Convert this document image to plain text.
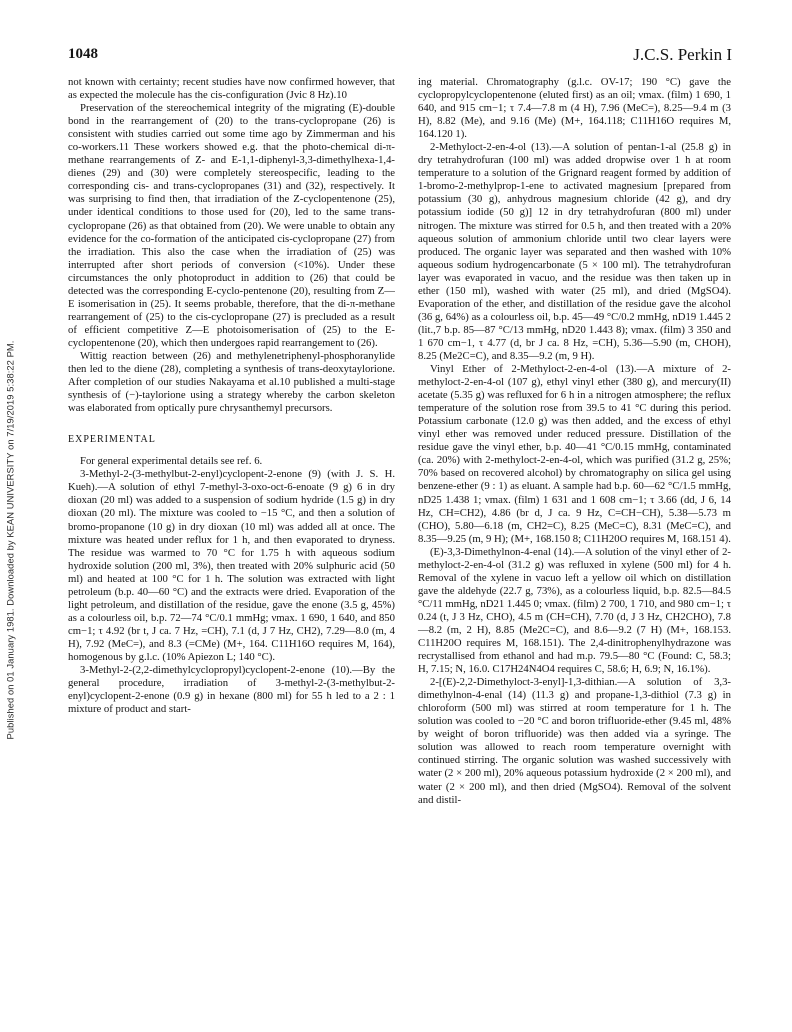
Published on 01 January 1981. Downloaded by KEAN UNIVERSITY on 7/19/2019 5:38:22 PM.
1048	J.C.S. Perkin I

not known with certainty; recent studies have now confirmed however, that as expected the molecule has the cis-configuration (Jvic 8 Hz).10

Preservation of the stereochemical integrity of the migrating (E)-double bond in the rearrangement of (20) to the trans-cyclopropane (26) is consistent with studies carried out some time ago by Zimmerman and his co-workers.11 These workers showed e.g. that the photo-chemical di-π-methane rearrangements of Z- and E-1,1-diphenyl-3,3-dimethylhexa-1,4-dienes (29) and (30) were completely stereospecific, leading to the corresponding cis- and trans-cyclopropanes (31) and (32), respectively. It was surprising to find then, that irradiation of the Z-cyclopentenone (25), under identical conditions to those used for (20), led to the same trans-cyclopropane (26) as that obtained from (20). We were unable to obtain any evidence for the co-formation of the anticipated cis-cyclopropane (27) from the irradiation. This also the case when the irradiation of (25) was interrupted after short periods of conversion (<10%). Under these circumstances the only photoproduct in addition to (26) that could be detected was the corresponding E-cyclo-pentenone (20), resulting from Z—E isomerisation in (25). It seems probable, therefore, that the di-π-methane rearrangement of (25) to the cis-cyclopropane (27) is precluded as a result of efficient competitive Z—E photoisomerisation of (25) to the E-cyclopentenone (20), which then undergoes rapid rearrangement to (26).

Wittig reaction between (26) and methylenetriphenyl-phosphoranylide then led to the diene (28), completing a synthesis of trans-deoxytaylorione. After completion of our studies Nakayama et al.10 published a multi-stage synthesis of (−)-taylorione using a strategy whereby the carbon skeleton was elaborated from optically pure chrysanthemyl precursors.

EXPERIMENTAL

For general experimental details see ref. 6.

3-Methyl-2-(3-methylbut-2-enyl)cyclopent-2-enone (9) (with J. S. H. Kueh).—A solution of ethyl 7-methyl-3-oxo-oct-6-enoate (9 g) 6 in dry dioxan (20 ml) was added to a suspension of sodium hydride (1.5 g) in dry dioxan (20 ml). The mixture was cooled to −15 °C, and then a solution of bromo-propanone (10 g) in dry dioxan (10 ml) was added all at once. The mixture was heated under reflux for 1 h, and then evaporated to dryness. The residue was warmed to 70 °C for 1.75 h with aqueous sodium hydroxide solution (200 ml, 3%), then treated with 20% sulphuric acid (50 ml) and heated at 100 °C for 1 h. The solution was extracted with light petroleum (b.p. 40—60 °C) and the extracts were dried. Evaporation of the light petroleum, and distillation of the residue, gave the enone (3.5 g, 45%) as a colourless oil, b.p. 72—74 °C/0.1 mmHg; νmax. 1 690, 1 640, and 850 cm−1; τ 4.92 (br t, J ca. 7 Hz, =CH), 7.1 (d, J 7 Hz, CH2), 7.29—8.0 (m, 4 H), 7.92 (MeC=), and 8.3 (=CMe) (M+, 164. C11H16O requires M, 164), homogenous by g.l.c. (10% Apiezon L; 140 °C).

3-Methyl-2-(2,2-dimethylcyclopropyl)cyclopent-2-enone (10).—By the general procedure, irradiation of 3-methyl-2-(3-methylbut-2-enyl)cyclopent-2-enone (0.9 g) in hexane (800 ml) for 55 h led to a 2 : 1 mixture of product and start-

ing material. Chromatography (g.l.c. OV-17; 190 °C) gave the cyclopropylcyclopentenone (eluted first) as an oil; νmax. (film) 1 690, 1 640, and 915 cm−1; τ 7.4—7.8 m (4 H), 7.96 (MeC=), 8.25—9.4 m (3 H), 8.82 (Me), and 9.16 (Me) (M+, 164.118; C11H16O requires M, 164.120 1).

2-Methyloct-2-en-4-ol (13).—A solution of pentan-1-al (25.8 g) in dry tetrahydrofuran (100 ml) was added dropwise over 1 h at room temperature to a solution of the Grignard reagent formed by addition of 1-bromo-2-methylprop-1-ene to activated magnesium [prepared from potassium (30 g), anhydrous magnesium chloride (42 g), and dry potassium iodide (50 g)] 12 in dry tetrahydrofuran (800 ml) under nitrogen. The mixture was stirred for 0.5 h, and then treated with a 20% aqueous solution of ammonium chloride until two clear layers were produced. The organic layer was separated and then washed with 10% aqueous sodium hydrogencarbonate (5 × 100 ml). The tetrahydrofuran layer was evaporated in vacuo, and the residue was then taken up in ether (150 ml), washed with water (25 ml), and dried (MgSO4). Evaporation of the ether, and distillation of the residue gave the alcohol (36 g, 64%) as a colourless oil, b.p. 45—49 °C/0.2 mmHg, nD19 1.445 2 (lit.,7 b.p. 85—87 °C/13 mmHg, nD20 1.443 8); νmax. (film) 3 350 and 1 670 cm−1, τ 4.77 (d, br J ca. 8 Hz, =CH), 5.36—5.90 (m, CHOH), 8.25 (Me2C=C), and 8.35—9.2 (m, 9 H).

Vinyl Ether of 2-Methyloct-2-en-4-ol (13).—A mixture of 2-methyloct-2-en-4-ol (107 g), ethyl vinyl ether (380 g), and mercury(II) acetate (5.35 g) was refluxed for 6 h in a nitrogen atmosphere; the reflux temperature of the solution rose from 39.5 to 41 °C during this period. Potassium carbonate (12.0 g) was then added, and the excess of ethyl vinyl ether was removed under reduced pressure. Distillation of the residue gave the vinyl ether, b.p. 40—41 °C/0.15 mmHg, contaminated (ca. 20%) with 2-methyloct-2-en-4-ol, which was purified (31.2 g, 25%; 70% based on recovered alcohol) by chromatography on silica gel using benzene-ether (9 : 1) as eluant. A sample had b.p. 60—62 °C/1.5 mmHg, nD25 1.438 1; νmax. (film) 1 631 and 1 608 cm−1; τ 3.66 (dd, J 6, 14 Hz, CH=CH2), 4.86 (br d, J ca. 9 Hz, C=CH−CH), 5.38—5.73 m (CHO), 5.80—6.18 (m, CH2=C), 8.25 (MeC=C), 8.31 (MeC=C), and 8.35—9.25 (m, 9 H); (M+, 168.150 8; C11H20O requires M, 168.151 4).

(E)-3,3-Dimethylnon-4-enal (14).—A solution of the vinyl ether of 2-methyloct-2-en-4-ol (31.2 g) was refluxed in xylene (500 ml) for 4 h. Removal of the xylene in vacuo left a yellow oil which on distillation gave the aldehyde (22.7 g, 73%), as a colourless liquid, b.p. 82.5—84.5 °C/11 mmHg, nD21 1.445 0; νmax. (film) 2 700, 1 710, and 980 cm−1; τ 0.24 (t, J 3 Hz, CHO), 4.5 m (CH=CH), 7.70 (d, J 3 Hz, CH2CHO), 7.8—8.2 (m, 2 H), 8.85 (Me2C=C), and 8.6—9.2 (7 H) (M+, 168.153. C11H20O requires M, 168.151). The 2,4-dinitrophenylhydrazone was recrystallised from ethanol and had m.p. 79.5—80 °C (Found: C, 58.3; H, 7.15; N, 16.0. C17H24N4O4 requires C, 58.6; H, 6.9; N, 16.1%).

2-[(E)-2,2-Dimethyloct-3-enyl]-1,3-dithian.—A solution of 3,3-dimethylnon-4-enal (14) (11.3 g) and propane-1,3-dithiol (7.3 g) in chloroform (500 ml) was stirred at room temperature for 1 h. The solution was cooled to −20 °C and boron trifluoride-ether (9.45 ml, 48% by weight of boron trifluoride) was then added via a syringe. The solution was allowed to reach room temperature overnight with continued stirring. The organic solution was washed successively with water (2 × 200 ml), 20% aqueous potassium hydroxide (2 × 200 ml), and water (2 × 200 ml), and then dried (MgSO4). Removal of the solvent and distil-
